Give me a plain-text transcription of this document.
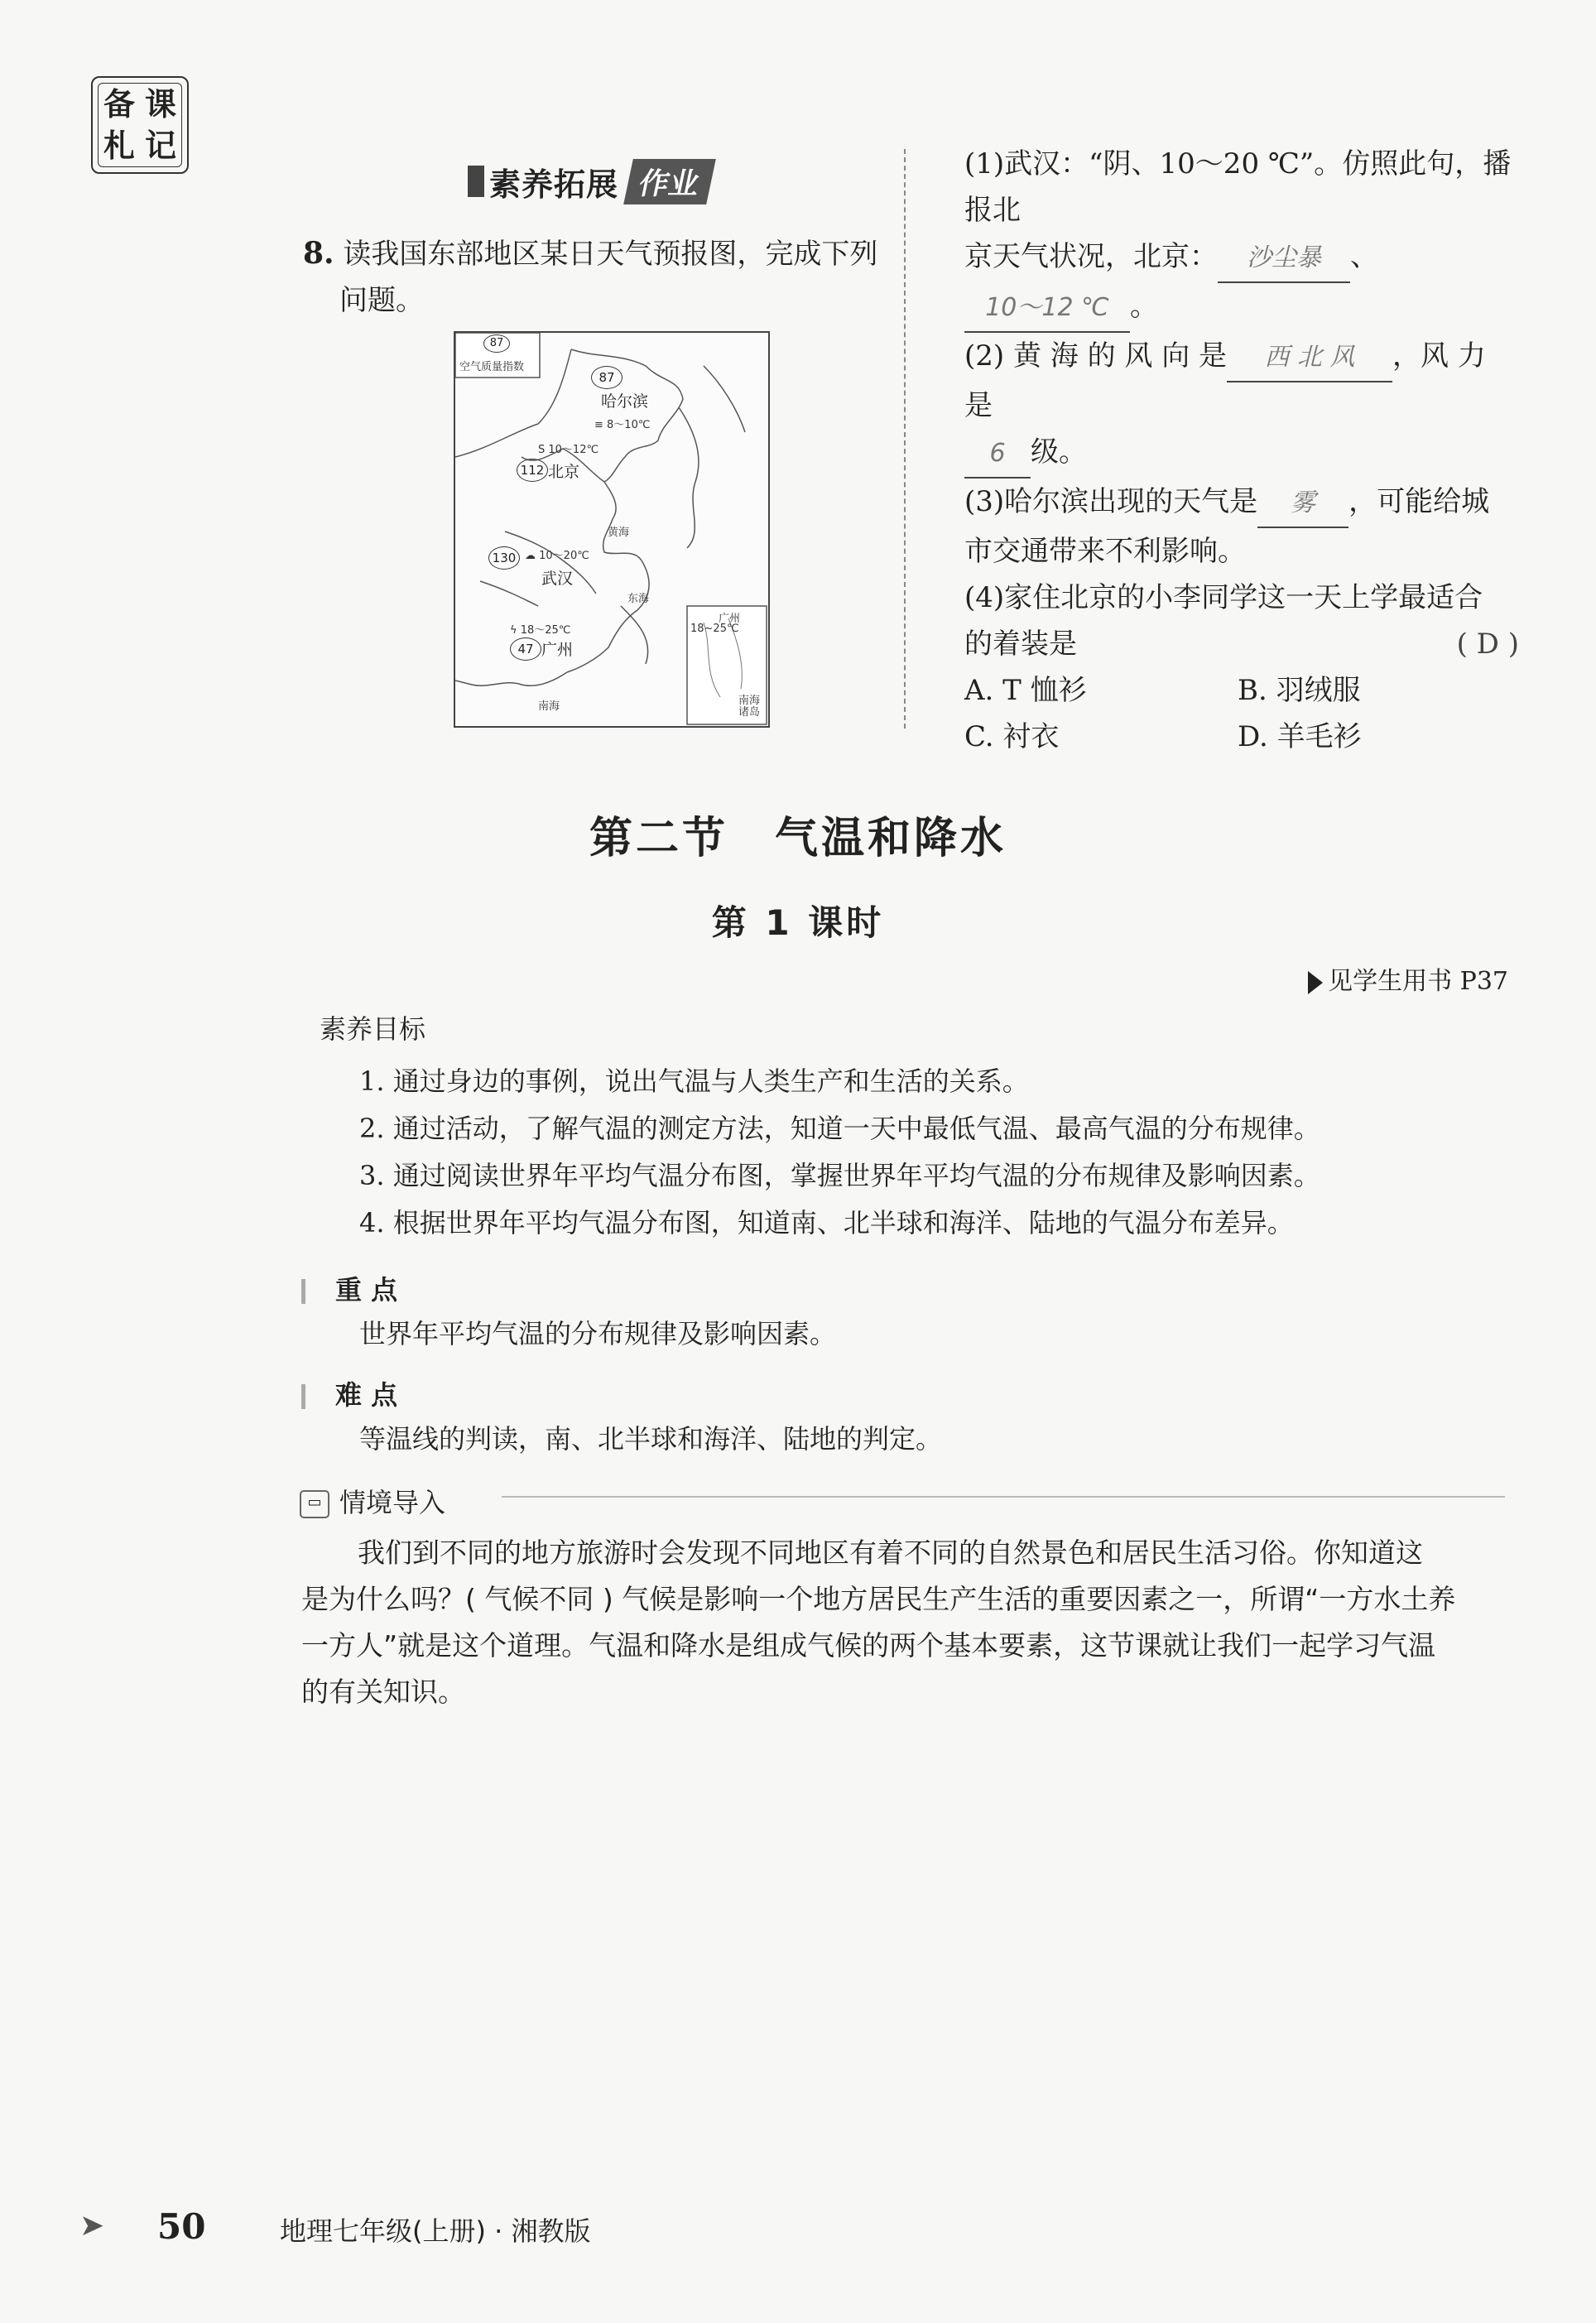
备 课
札 记
素养拓展 作业
8. 读我国东部地区某日天气预报图，完成下列
问题。
87
空气质量指数
87
哈尔滨
≡ 8～10℃
S 10～12℃
112 北京
黄海
130 ☁ 10～20℃
武汉
东海
ϟ 18～25℃
47 广州
南海
广州
18~25℃
南海诸岛
(1)武汉：“阴、10～20 ℃”。仿照此句，播报北
京天气状况，北京： 沙尘暴 、10～12 ℃ 。
(2) 黄 海 的 风 向 是 西 北 风 ，风 力 是
6 级。
(3)哈尔滨出现的天气是 雾 ，可能给城
市交通带来不利影响。
(4)家住北京的小李同学这一天上学最适合
的着装是	( D )
A. T 恤衫	B. 羽绒服
C. 衬衣	D. 羊毛衫
第二节　气温和降水
第 1 课时
见学生用书 P37
素养目标
1. 通过身边的事例，说出气温与人类生产和生活的关系。
2. 通过活动，了解气温的测定方法，知道一天中最低气温、最高气温的分布规律。
3. 通过阅读世界年平均气温分布图，掌握世界年平均气温的分布规律及影响因素。
4. 根据世界年平均气温分布图，知道南、北半球和海洋、陆地的气温分布差异。
重 点
世界年平均气温的分布规律及影响因素。
难 点
等温线的判读，南、北半球和海洋、陆地的判定。
▭ 情境导入
我们到不同的地方旅游时会发现不同地区有着不同的自然景色和居民生活习俗。你知道这
是为什么吗？( 气候不同 ) 气候是影响一个地方居民生产生活的重要因素之一，所谓“一方水土养
一方人”就是这个道理。气温和降水是组成气候的两个基本要素，这节课就让我们一起学习气温
的有关知识。
➤ 50	地理七年级(上册) · 湘教版
